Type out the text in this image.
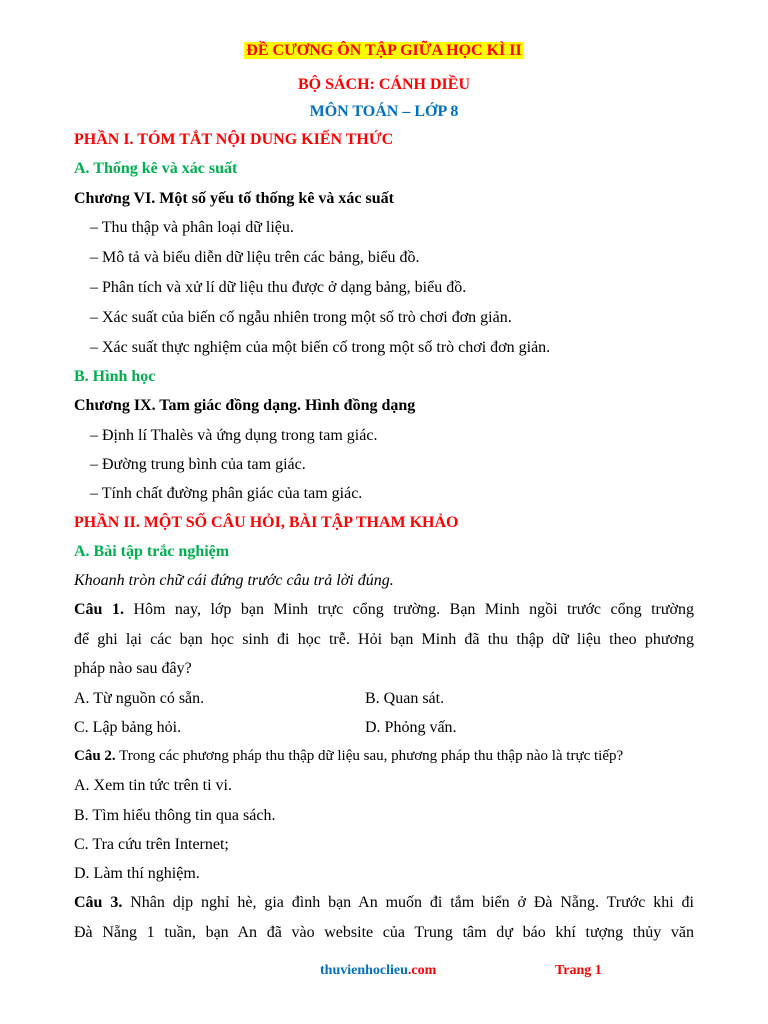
ĐỀ CƯƠNG ÔN TẬP GIỮA HỌC KÌ II
BỘ SÁCH: CÁNH DIỀU
MÔN TOÁN – LỚP 8
PHẦN I. TÓM TẮT NỘI DUNG KIẾN THỨC
A. Thống kê và xác suất
Chương VI. Một số yếu tố thống kê và xác suất
– Thu thập và phân loại dữ liệu.
– Mô tả và biểu diễn dữ liệu trên các bảng, biểu đồ.
– Phân tích và xử lí dữ liệu thu được ở dạng bảng, biểu đồ.
– Xác suất của biến cố ngẫu nhiên trong một số trò chơi đơn giản.
– Xác suất thực nghiệm của một biến cố trong một số trò chơi đơn giản.
B. Hình học
Chương IX. Tam giác đồng dạng. Hình đồng dạng
– Định lí Thalès và ứng dụng trong tam giác.
– Đường trung bình của tam giác.
– Tính chất đường phân giác của tam giác.
PHẦN II. MỘT SỐ CÂU HỎI, BÀI TẬP THAM KHẢO
A. Bài tập trắc nghiệm
Khoanh tròn chữ cái đứng trước câu trả lời đúng.
Câu 1. Hôm nay, lớp bạn Minh trực cổng trường. Bạn Minh ngồi trước cổng trường
để ghi lại các bạn học sinh đi học trễ. Hỏi bạn Minh đã thu thập dữ liệu theo phương
pháp nào sau đây?
A. Từ nguồn có sẵn.	B. Quan sát.
C. Lập bảng hỏi.	D. Phỏng vấn.
Câu 2. Trong các phương pháp thu thập dữ liệu sau, phương pháp thu thập nào là trực tiếp?
A. Xem tin tức trên ti vi.
B. Tìm hiểu thông tin qua sách.
C. Tra cứu trên Internet;
D. Làm thí nghiệm.
Câu 3. Nhân dịp nghỉ hè, gia đình bạn An muốn đi tắm biển ở Đà Nẵng. Trước khi đi
Đà Nẵng 1 tuần, bạn An đã vào website của Trung tâm dự báo khí tượng thủy văn
thuvienhoclieu.com	Trang 1
